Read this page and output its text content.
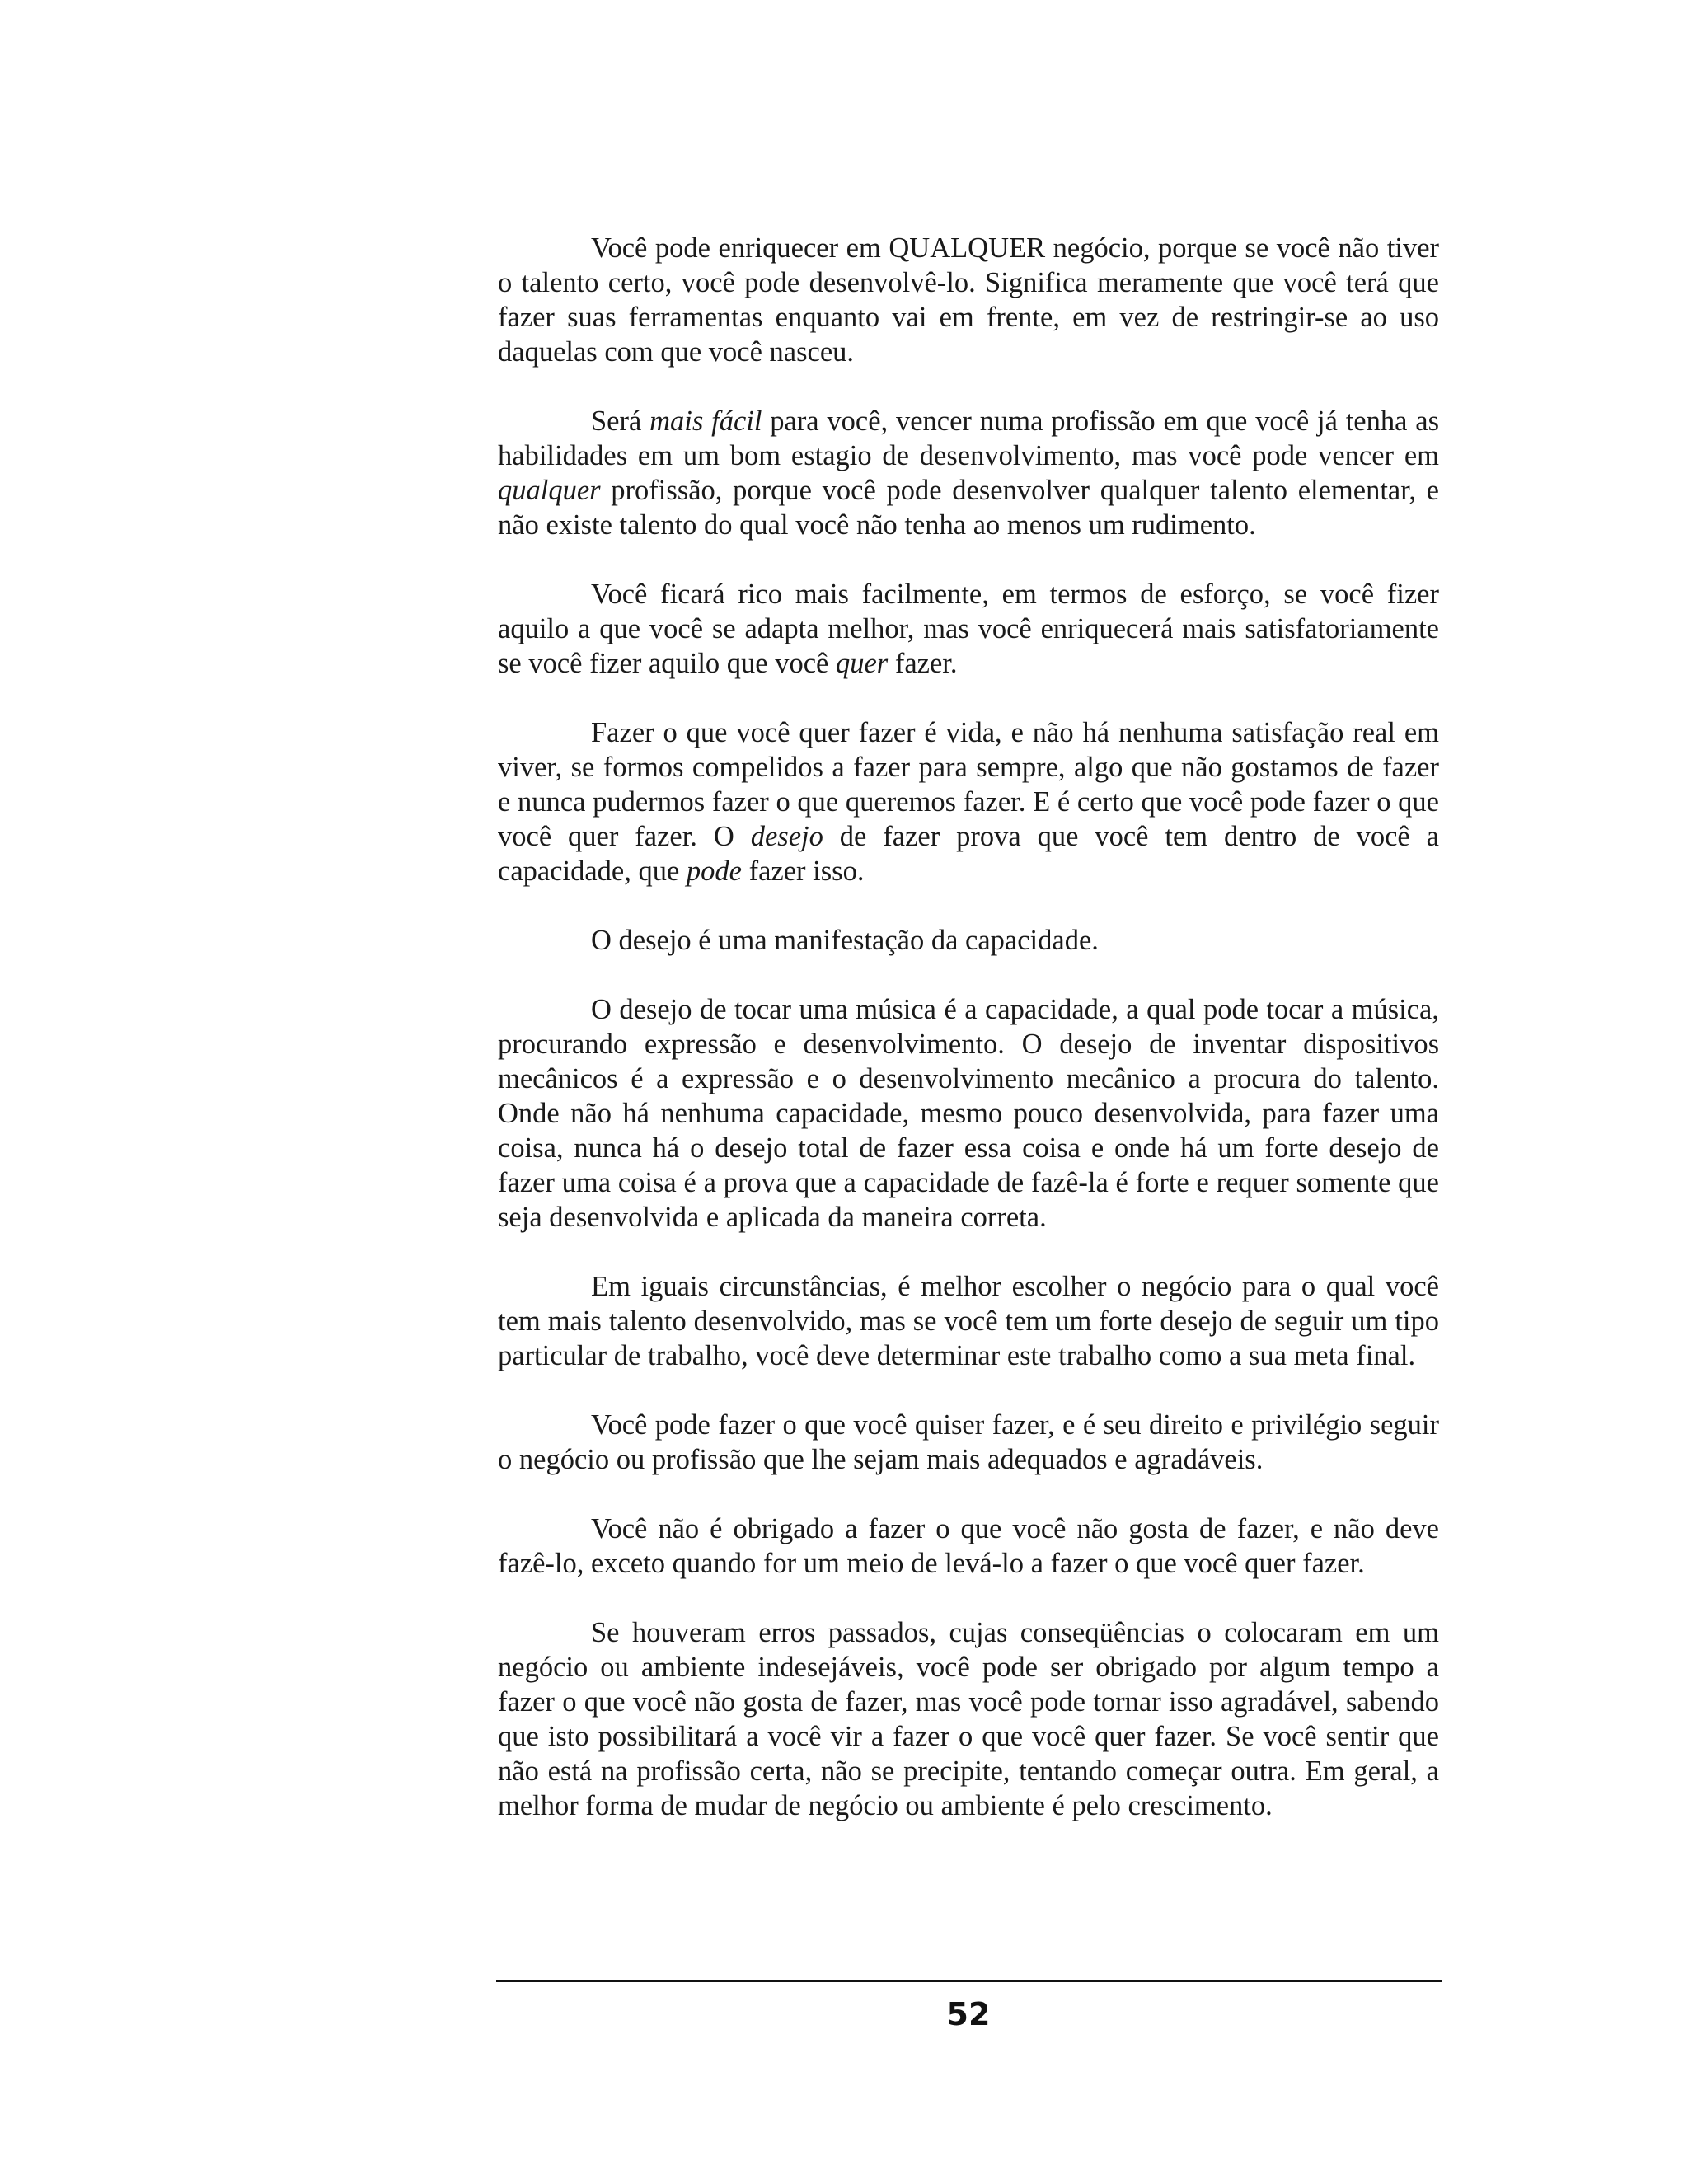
Você pode enriquecer em QUALQUER negócio, porque se você não tiver o talento certo, você pode desenvolvê-lo. Significa meramente que você terá que fazer suas ferramentas enquanto vai em frente, em vez de restringir-se ao uso daquelas com que você nasceu.

Será mais fácil para você, vencer numa profissão em que você já tenha as habilidades em um bom estagio de desenvolvimento, mas você pode vencer em qualquer profissão, porque você pode desenvolver qualquer talento elementar, e não existe talento do qual você não tenha ao menos um rudimento.

Você ficará rico mais facilmente, em termos de esforço, se você fizer aquilo a que você se adapta melhor, mas você enriquecerá mais satisfatoriamente se você fizer aquilo que você quer fazer.

Fazer o que você quer fazer é vida, e não há nenhuma satisfação real em viver, se formos compelidos a fazer para sempre, algo que não gostamos de fazer e nunca pudermos fazer o que queremos fazer. E é certo que você pode fazer o que você quer fazer. O desejo de fazer prova que você tem dentro de você a capacidade, que pode fazer isso.

O desejo é uma manifestação da capacidade.

O desejo de tocar uma música é a capacidade, a qual pode tocar a música, procurando expressão e desenvolvimento. O desejo de inventar dispositivos mecânicos é a expressão e o desenvolvimento mecânico a procura do talento. Onde não há nenhuma capacidade, mesmo pouco desenvolvida, para fazer uma coisa, nunca há o desejo total de fazer essa coisa e onde há um forte desejo de fazer uma coisa é a prova que a capacidade de fazê-la é forte e requer somente que seja desenvolvida e aplicada da maneira correta.

Em iguais circunstâncias, é melhor escolher o negócio para o qual você tem mais talento desenvolvido, mas se você tem um forte desejo de seguir um tipo particular de trabalho, você deve determinar este trabalho como a sua meta final.

Você pode fazer o que você quiser fazer, e é seu direito e privilégio seguir o negócio ou profissão que lhe sejam mais adequados e agradáveis.

Você não é obrigado a fazer o que você não gosta de fazer, e não deve fazê-lo, exceto quando for um meio de levá-lo a fazer o que você quer fazer.

Se houveram erros passados, cujas conseqüências o colocaram em um negócio ou ambiente indesejáveis, você pode ser obrigado por algum tempo a fazer o que você não gosta de fazer, mas você pode tornar isso agradável, sabendo que isto possibilitará a você vir a fazer o que você quer fazer. Se você sentir que não está na profissão certa, não se precipite, tentando começar outra. Em geral, a melhor forma de mudar de negócio ou ambiente é pelo crescimento.

52
